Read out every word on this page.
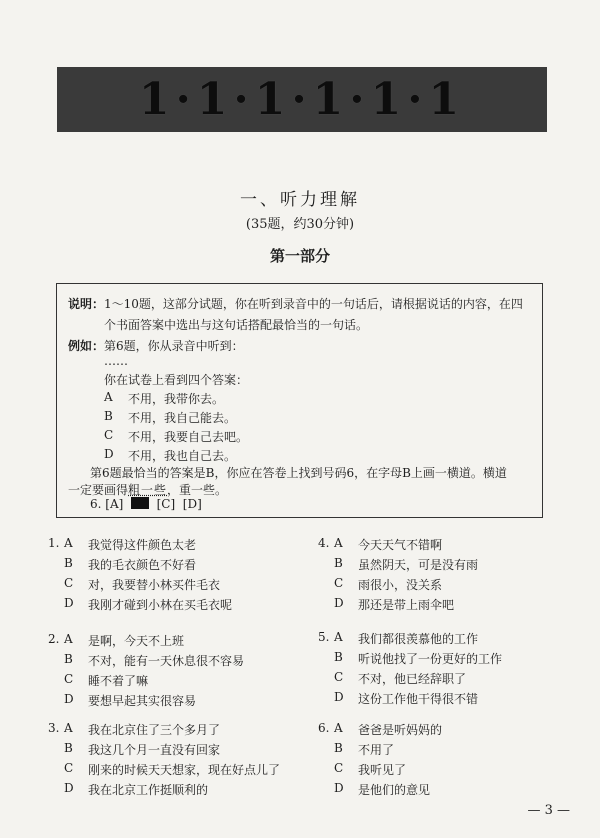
1·1·1·1·1·1
一、听力理解
(35题，约30分钟)
第一部分
说明：1～10题，这部分试题，你在听到录音中的一句话后，请根据说话的内容，在四
个书面答案中选出与这句话搭配最恰当的一句话。
例如：第6题，你从录音中听到：
……
你在试卷上看到四个答案：
A 不用，我带你去。
B 不用，我自己能去。
C 不用，我要自己去吧。
D 不用，我也自己去。
第6题最恰当的答案是B，你应在答卷上找到号码6，在字母B上画一横道。横道
一定要画得粗一些，重一些。
6. [A]	[C] [D]
1. A 我觉得这件颜色太老
B 我的毛衣颜色不好看
C 对，我要替小林买件毛衣
D 我刚才碰到小林在买毛衣呢
2. A 是啊，今天不上班
B 不对，能有一天休息很不容易
C 睡不着了嘛
D 要想早起其实很容易
3. A 我在北京住了三个多月了
B 我这几个月一直没有回家
C 刚来的时候天天想家，现在好点儿了
D 我在北京工作挺顺利的
4. A 今天天气不错啊
B 虽然阴天，可是没有雨
C 雨很小，没关系
D 那还是带上雨伞吧
5. A 我们都很羡慕他的工作
B 听说他找了一份更好的工作
C 不对，他已经辞职了
D 这份工作他干得很不错
6. A 爸爸是听妈妈的
B 不用了
C 我听见了
D 是他们的意见
— 3 —
